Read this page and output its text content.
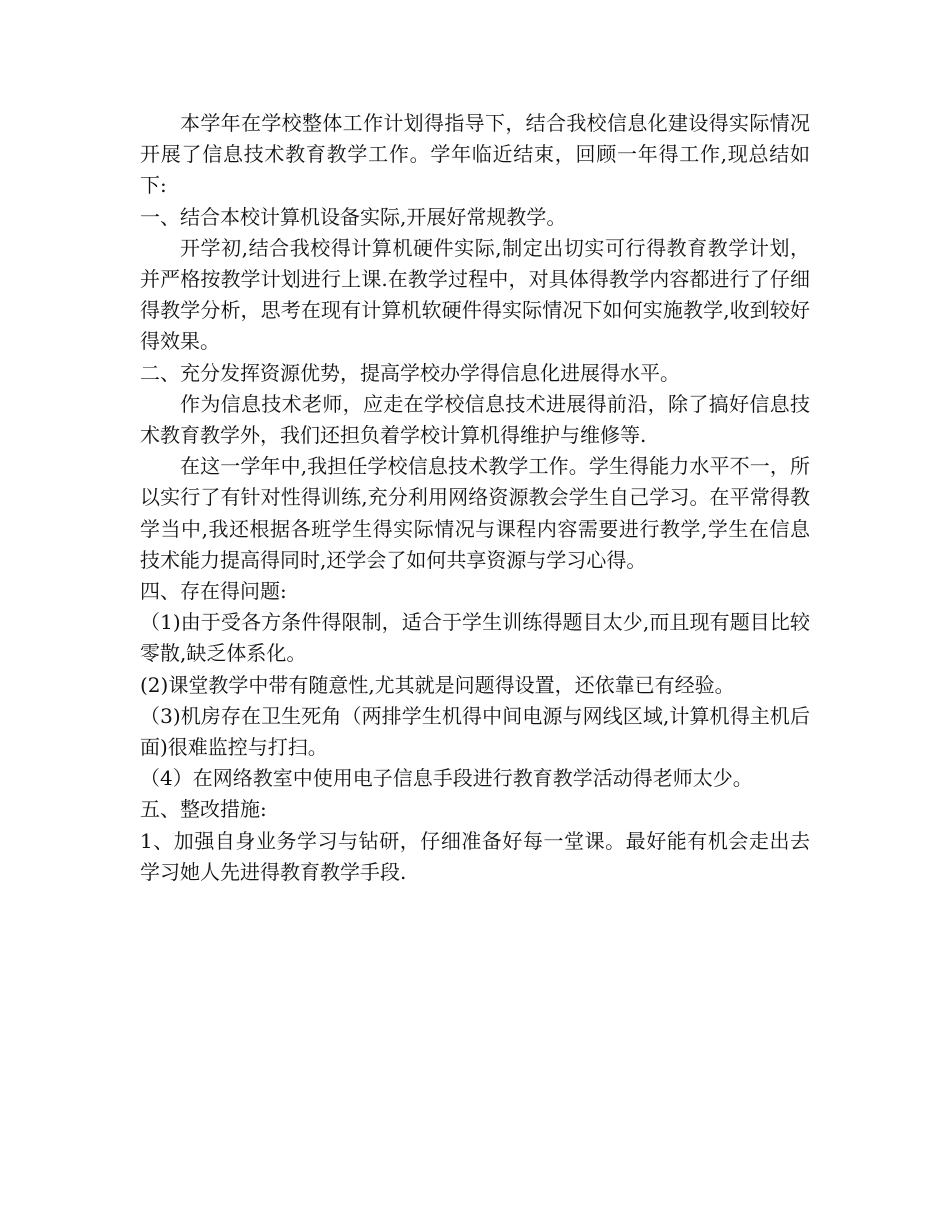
本学年在学校整体工作计划得指导下，结合我校信息化建设得实际情况开展了信息技术教育教学工作。学年临近结束，回顾一年得工作,现总结如下:

一、结合本校计算机设备实际,开展好常规教学。

开学初,结合我校得计算机硬件实际,制定出切实可行得教育教学计划，并严格按教学计划进行上课.在教学过程中，对具体得教学内容都进行了仔细得教学分析，思考在现有计算机软硬件得实际情况下如何实施教学,收到较好得效果。

二、充分发挥资源优势，提高学校办学得信息化进展得水平。

作为信息技术老师，应走在学校信息技术进展得前沿，除了搞好信息技术教育教学外，我们还担负着学校计算机得维护与维修等.

在这一学年中,我担任学校信息技术教学工作。学生得能力水平不一，所以实行了有针对性得训练,充分利用网络资源教会学生自己学习。在平常得教学当中,我还根据各班学生得实际情况与课程内容需要进行教学,学生在信息技术能力提高得同时,还学会了如何共享资源与学习心得。

四、存在得问题:

（1)由于受各方条件得限制，适合于学生训练得题目太少,而且现有题目比较零散,缺乏体系化。

(2)课堂教学中带有随意性,尤其就是问题得设置，还依靠已有经验。

（3)机房存在卫生死角（两排学生机得中间电源与网线区域,计算机得主机后面)很难监控与打扫。

（4）在网络教室中使用电子信息手段进行教育教学活动得老师太少。

五、整改措施:

1、加强自身业务学习与钻研，仔细准备好每一堂课。最好能有机会走出去学习她人先进得教育教学手段.
